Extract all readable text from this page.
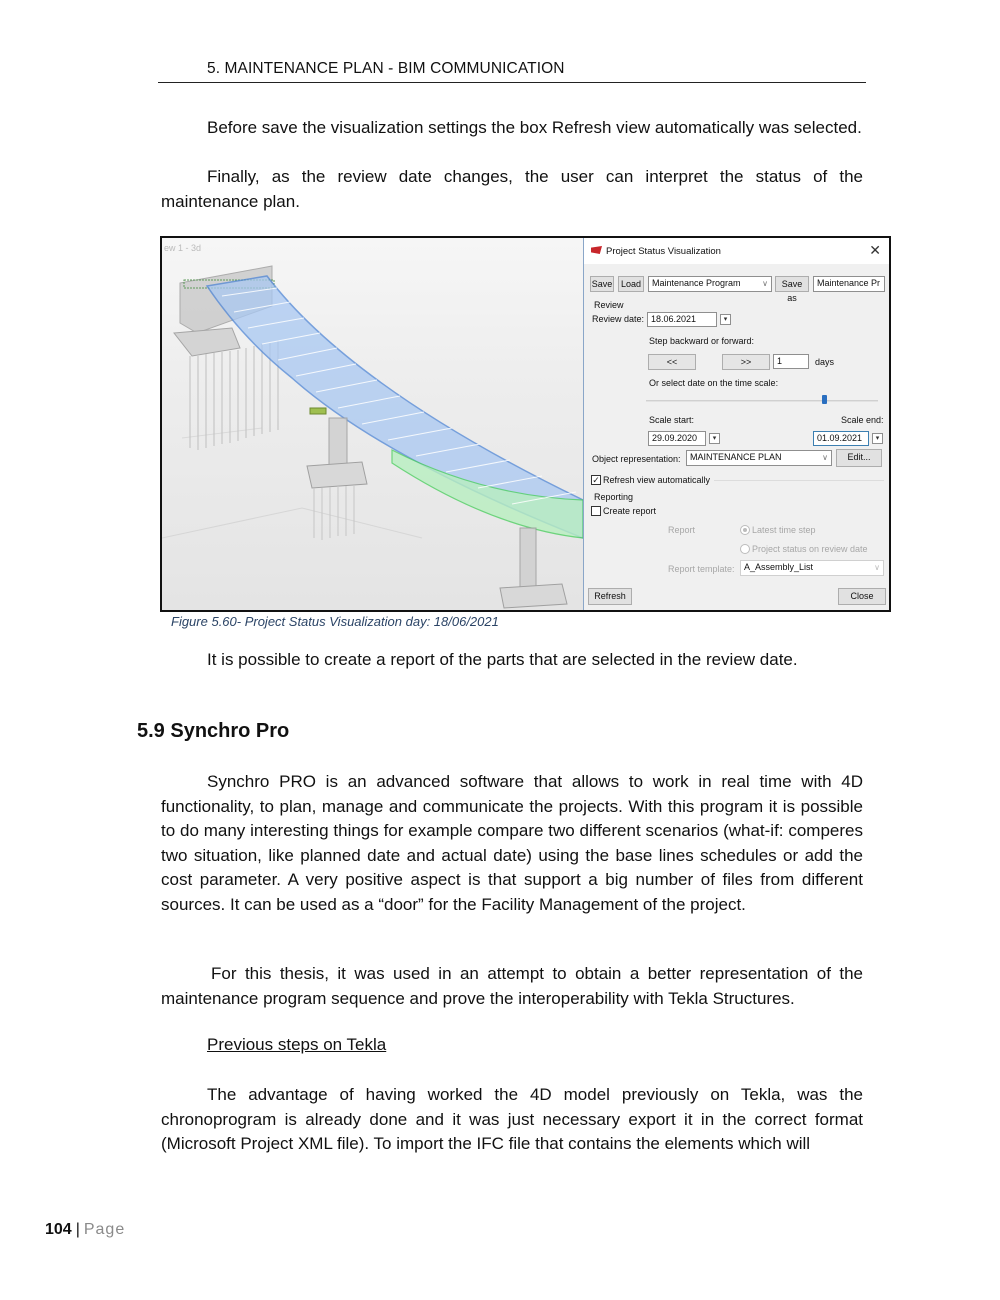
5. MAINTENANCE PLAN - BIM COMMUNICATION

Before save the visualization settings the box Refresh view automatically was selected.

Finally, as the review date changes, the user can interpret the status of the maintenance plan.

ew 1 - 3d	Project Status Visualization	✕
Save Load	Maintenance Program	∨	Save as
Maintenance Pr
Review
Review date: 18.06.2021	▾
Step backward or forward:
<<	>>	1	days
Or select date on the time scale:
Scale start:	Scale end:
29.09.2020	▾	01.09.2021	▾
Object representation:	MAINTENANCE PLAN	∨	Edit...
✓ Refresh view automatically
Reporting
Create report
Report	Latest time step
Project status on review date
Report template:	A_Assembly_List	∨
Refresh	Close
Figure 5.60- Project Status Visualization day: 18/06/2021

It is possible to create a report of the parts that are selected in the review date.

5.9 Synchro Pro

Synchro PRO is an advanced software that allows to work in real time with 4D functionality, to plan, manage and communicate the projects. With this program it is possible to do many interesting things for example compare two different scenarios (what-if: comperes two situation, like planned date and actual date) using the base lines schedules or add the cost parameter. A very positive aspect is that support a big number of files from different sources. It can be used as a “door” for the Facility Management of the project.

For this thesis, it was used in an attempt to obtain a better representation of the maintenance program sequence and prove the interoperability with Tekla Structures.

Previous steps on Tekla

The advantage of having worked the 4D model previously on Tekla, was the chronoprogram is already done and it was just necessary export it in the correct format (Microsoft Project XML file). To import the IFC file that contains the elements which will

104 | Page
